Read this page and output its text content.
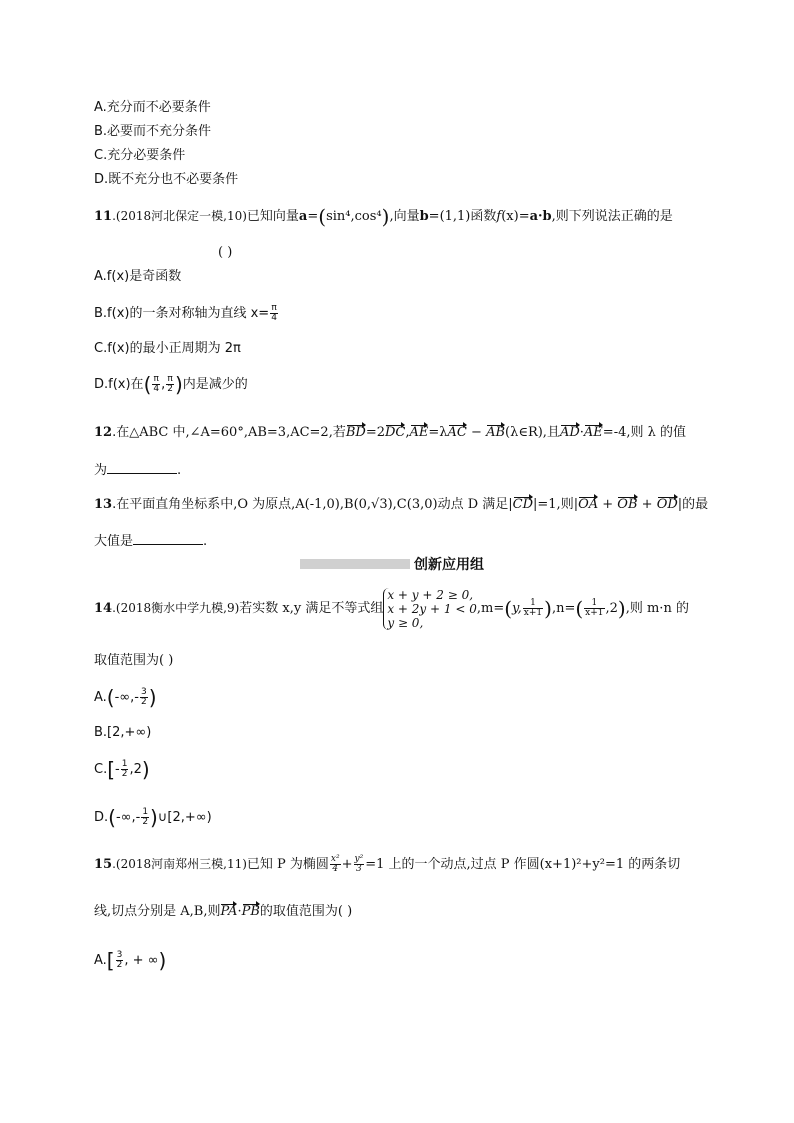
A.充分而不必要条件
B.必要而不充分条件
C.充分必要条件
D.既不充分也不必要条件
11.(2018河北保定一模,10)已知向量a=(sin⁴,cos⁴),向量b=(1,1)函数f(x)=a·b,则下列说法正确的是
( )
A.f(x)是奇函数
B.f(x)的一条对称轴为直线 $x= \frac{\pi}{4}$
C.f(x)的最小正周期为 2π
D.f(x)在( $\frac{\pi}{4}$ , $\frac{\pi}{2}$ )内是减少的
12.在△ABC 中,∠A=60°,AB=3,AC=2,若BD=2DC,AE=λAC − AB(λ∈R),且AD·AE=-4,则 λ 的值
为	.
13.在平面直角坐标系中,O 为原点,A(-1,0),B(0,√3),C(3,0)动点 D 满足|CD|=1,则|OA + OB + OD|的最
大值是	.
创新应用组
14.(2018衡水中学九模,9)若实数 x,y 满足不等式组
x + y + 2 ≥ 0,
x + 2y + 1 < 0
y ≥ 0,
,m=(y, $\frac{1}{x+1} ),n=( \frac{1}{x+1} ,2)$,则 m·n 的
取值范围为( )
$A.(-\infty,- \frac{3}{2}$ )
B.[2,+∞)
$C.[- \frac{1}{2} ,2)$
$D.(-\infty,- \frac{1}{2}$ )∪[2,+∞)
15.(2018河南郑州三模,11)已知 P 为椭圆 $\frac{\text{x²}}{4} + \frac{\text{y²}}{3} =1$ 上的一个动点,过点 P 作圆(x+1)²+y²=1 的两条切
线,切点分别是 A,B,则PA·PB的取值范围为( )
$A.[ \frac{3}{2}$ , + ∞)
